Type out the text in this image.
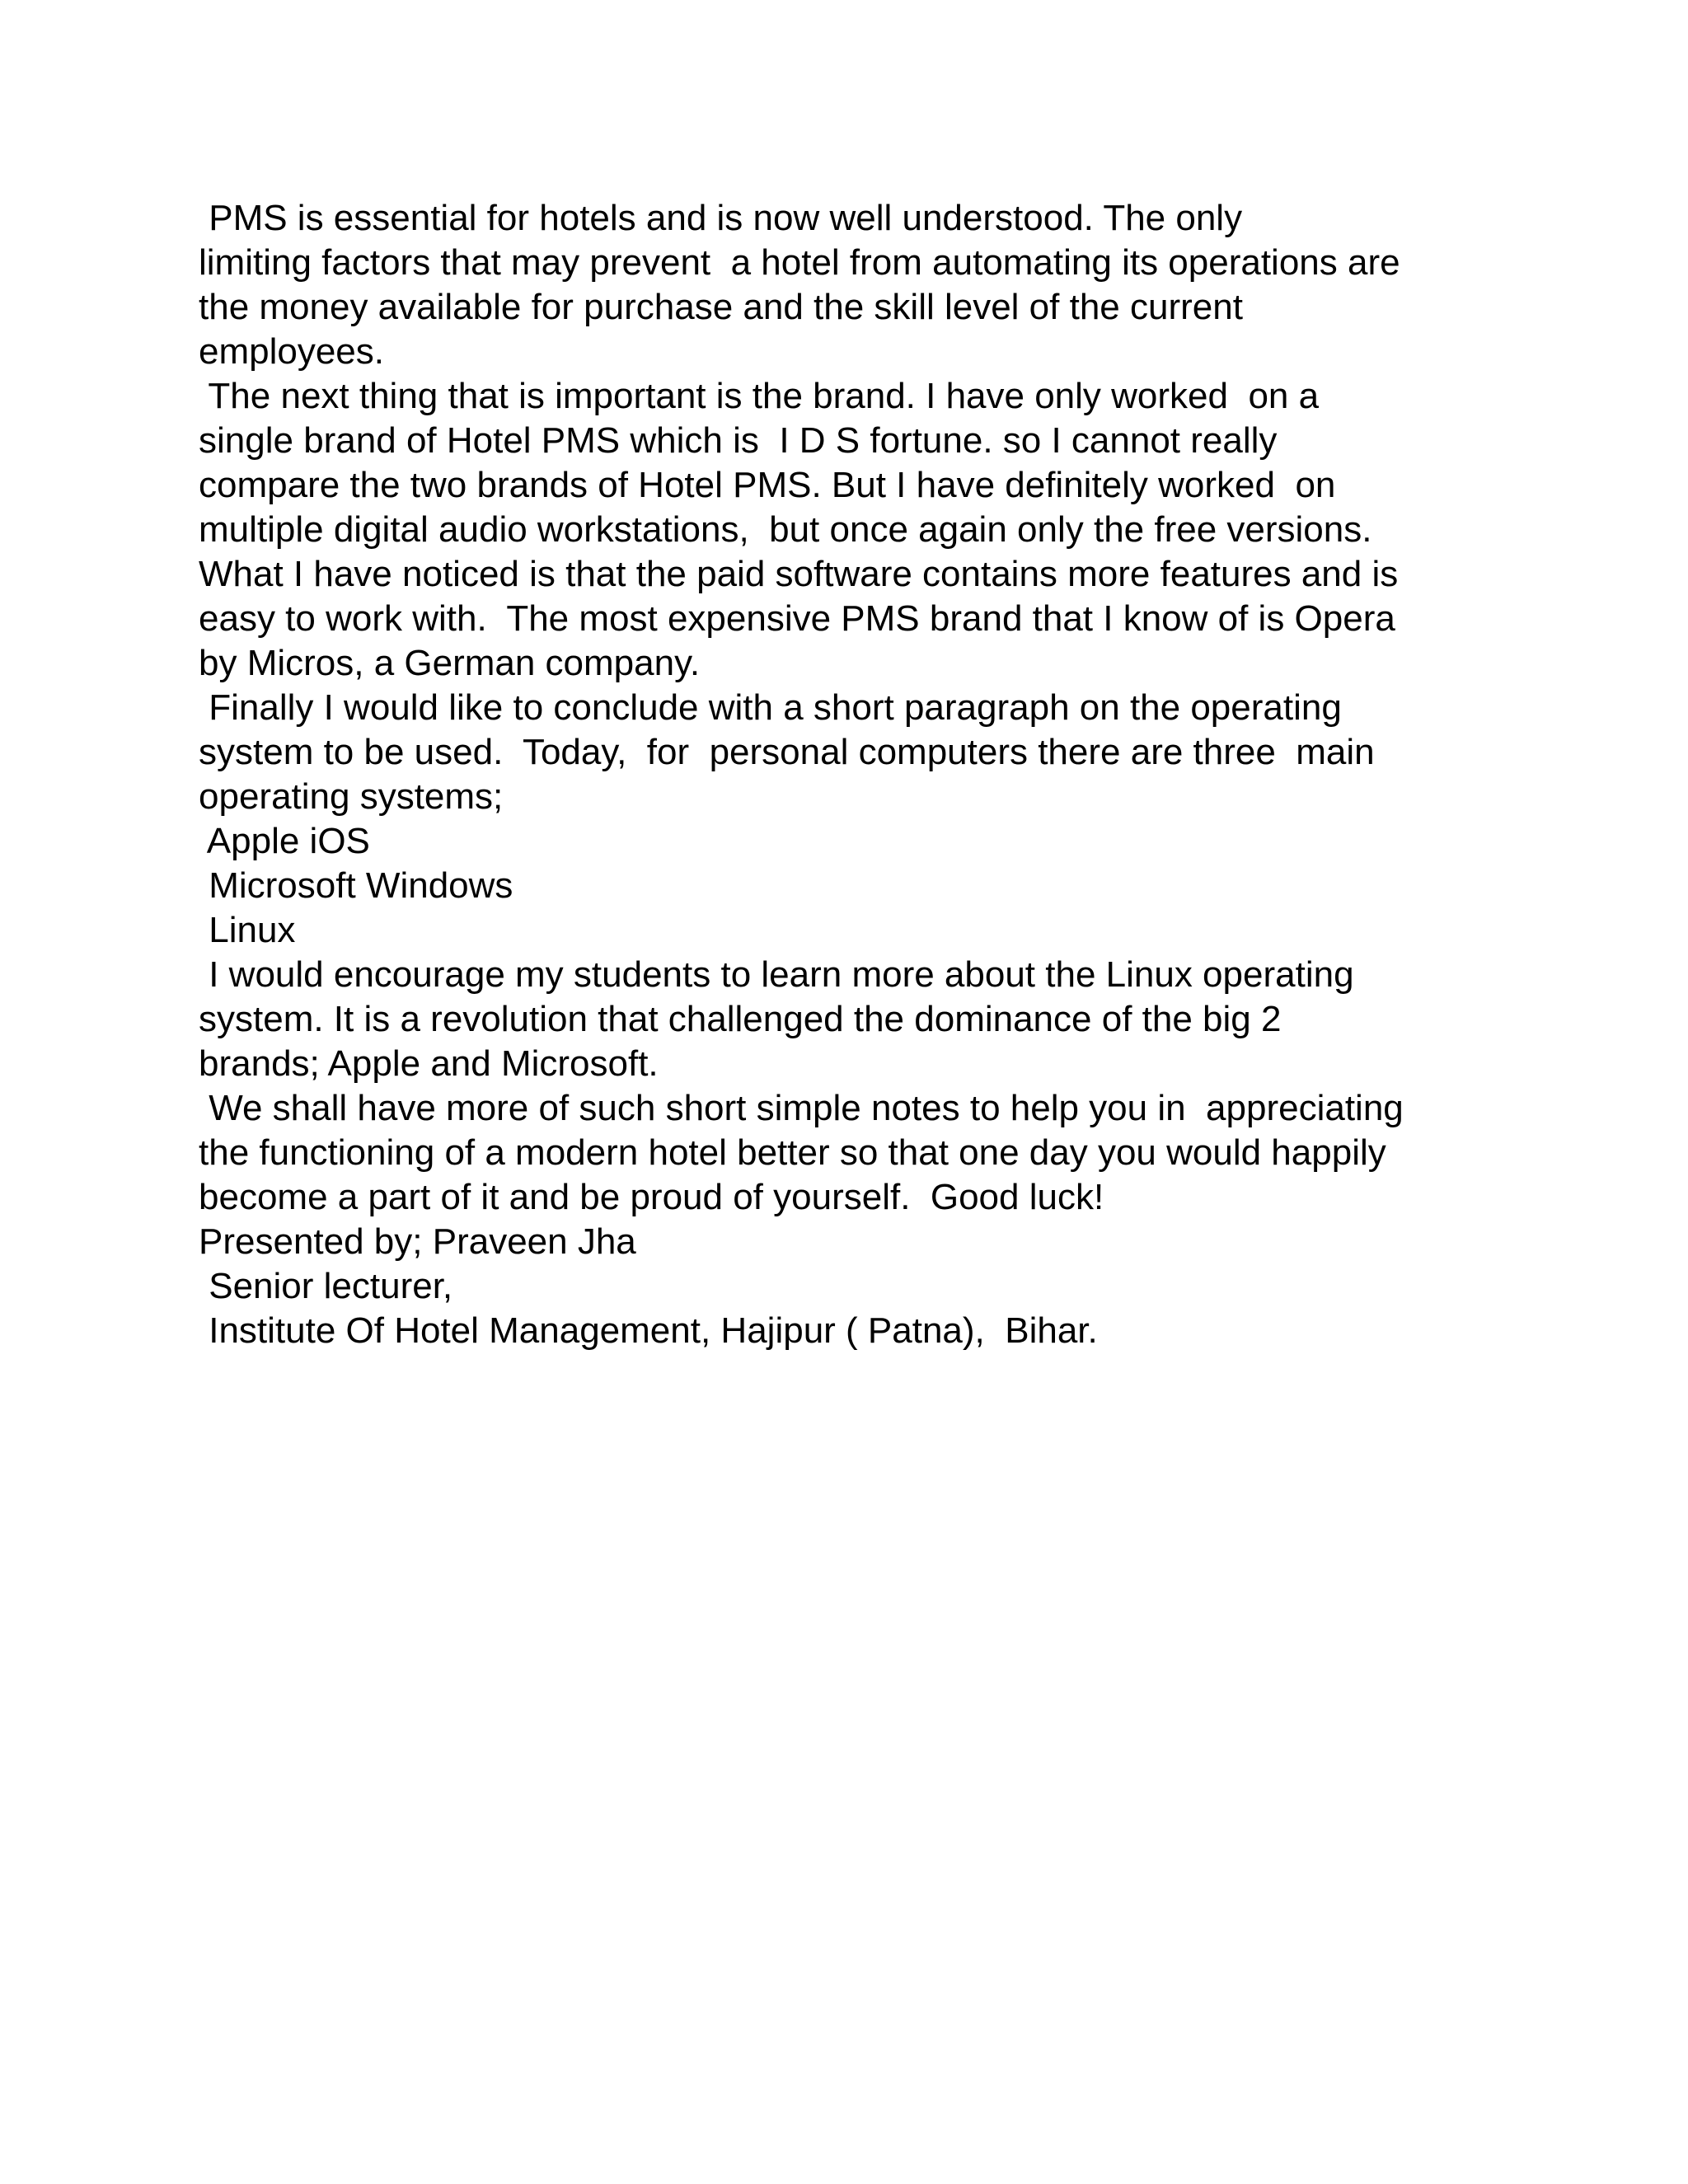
PMS is essential for hotels and is now well understood. The only
limiting factors that may prevent  a hotel from automating its operations are
the money available for purchase and the skill level of the current
employees.
The next thing that is important is the brand. I have only worked  on a
single brand of Hotel PMS which is  I D S fortune. so I cannot really
compare the two brands of Hotel PMS. But I have definitely worked  on
multiple digital audio workstations,  but once again only the free versions.
What I have noticed is that the paid software contains more features and is
easy to work with.  The most expensive PMS brand that I know of is Opera
by Micros, a German company.
Finally I would like to conclude with a short paragraph on the operating
system to be used.  Today,  for  personal computers there are three  main
operating systems;
Apple iOS
Microsoft Windows
Linux
I would encourage my students to learn more about the Linux operating
system. It is a revolution that challenged the dominance of the big 2
brands; Apple and Microsoft.
We shall have more of such short simple notes to help you in  appreciating
the functioning of a modern hotel better so that one day you would happily
become a part of it and be proud of yourself.  Good luck!
Presented by; Praveen Jha
Senior lecturer,
Institute Of Hotel Management, Hajipur ( Patna),  Bihar.
